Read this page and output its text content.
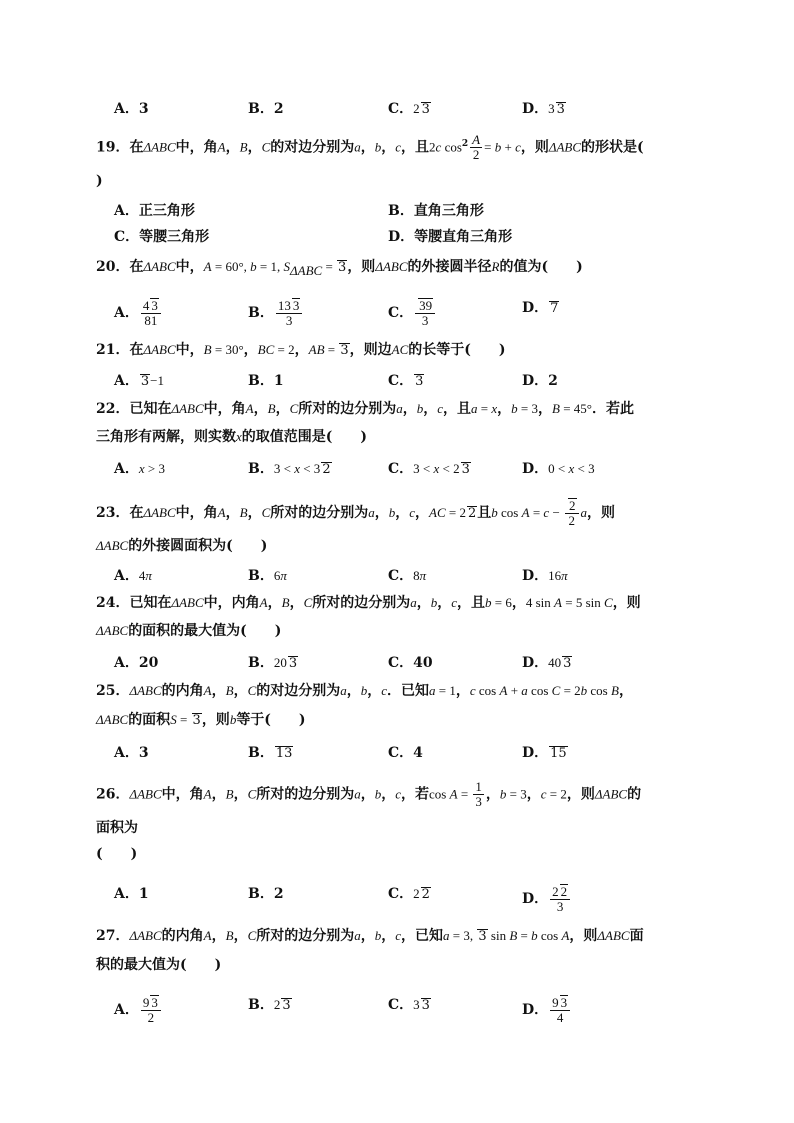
A．3	B．2	C．2 3	D．3 3
19．在ΔABC中，角A，B，C的对边分别为a，b，c，且2c $\cos^2 \frac{A}{2} = b + c$，则ΔABC的形状是(
)
A．正三角形	B．直角三角形
C．等腰三角形	D．等腰直角三角形
20．在ΔABC中，A = 60°, b = 1, $S_{\Delta ABC} = 3$，则ΔABC的外接圆半径R的值为(　　)
A． $\frac{4 3}{81}$	B． $\frac{13 3}{3}$	C． $\frac{39}{3}$	D． 7
21．在ΔABC中，B = 30°，BC = 2，AB = 3，则边AC的长等于(　　)
A． 3−1	B．1	C． 3	D．2
22．已知在ΔABC中，角A，B，C所对的边分别为a，b，c，且a = x，b = 3，B = 45°．若此
三角形有两解，则实数x的取值范围是(　　)
A．x > 3	B．3 < x < 3 2	C．3 < x < 2 3	D．0 < x < 3
23．在ΔABC中，角A，B，C所对的边分别为a，b，c，AC = 2 2且b $\cos A = c - \frac{2}{2}$ a，则
ΔABC的外接圆面积为(　　)
A．4π	B．6π	C．8π	D．16π
24．已知在ΔABC中，内角A，B，C所对的边分别为a，b，c，且b = 6，4 sin A = 5 sin C，则
ΔABC的面积的最大值为(　　)
A．20	B．20 3	C．40	D．40 3
25．ΔABC的内角A，B，C的对边分别为a，b，c．已知a = 1，c cos A + a cos C = 2b cos B，
ΔABC的面积S = 3，则b等于(　　)
A．3	B． 13	C．4	D． 15
26．ΔABC中，角A，B，C所对的边分别为a，b，c，若$\cos A = \frac{1}{3}$ ，b = 3，c = 2，则ΔABC的
面积为
(　　)
A．1	B．2	C．2 2	D． $\frac{2 2}{3}$
27．ΔABC的内角A，B，C所对的边分别为a，b，c，已知a = 3, 3 sin B = b cos A，则ΔABC面
积的最大值为(　　)
A． $\frac{9 3}{2}$	B．2 3	C．3 3	D． $\frac{9 3}{4}$
